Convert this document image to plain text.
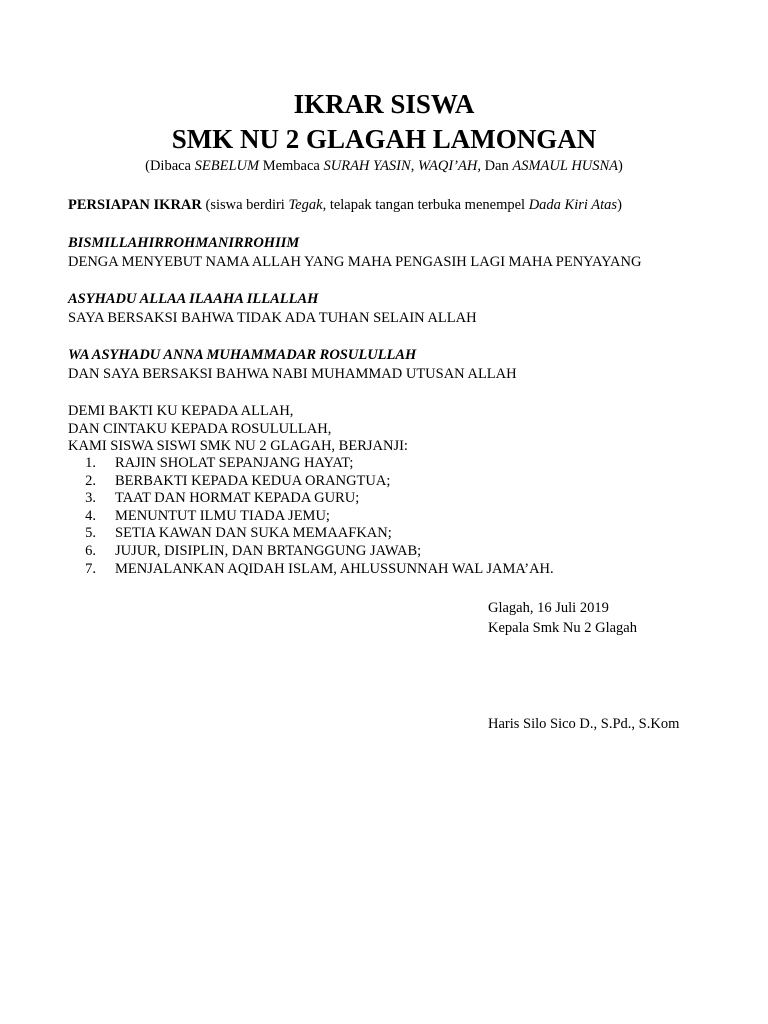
IKRAR SISWA
SMK NU 2 GLAGAH LAMONGAN
(Dibaca SEBELUM Membaca SURAH YASIN, WAQI’AH, Dan ASMAUL HUSNA)
PERSIAPAN IKRAR (siswa berdiri Tegak, telapak tangan terbuka menempel Dada Kiri Atas)
BISMILLAHIRROHMANIRROHIIM
DENGA MENYEBUT NAMA ALLAH YANG MAHA PENGASIH LAGI MAHA PENYAYANG
ASYHADU ALLAA ILAAHA ILLALLAH
SAYA BERSAKSI BAHWA TIDAK ADA TUHAN SELAIN ALLAH
WA ASYHADU ANNA MUHAMMADAR ROSULULLAH
DAN SAYA BERSAKSI BAHWA NABI MUHAMMAD UTUSAN ALLAH
DEMI BAKTI KU KEPADA ALLAH,
DAN CINTAKU KEPADA ROSULULLAH,
KAMI SISWA SISWI SMK NU 2 GLAGAH, BERJANJI:
1. RAJIN SHOLAT SEPANJANG HAYAT;
2. BERBAKTI KEPADA KEDUA ORANGTUA;
3. TAAT DAN HORMAT KEPADA GURU;
4. MENUNTUT ILMU TIADA JEMU;
5. SETIA KAWAN DAN SUKA MEMAAFKAN;
6. JUJUR, DISIPLIN, DAN BRTANGGUNG JAWAB;
7. MENJALANKAN AQIDAH ISLAM, AHLUSSUNNAH WAL JAMA’AH.
Glagah, 16 Juli 2019
Kepala Smk Nu 2 Glagah
Haris Silo Sico D., S.Pd., S.Kom
